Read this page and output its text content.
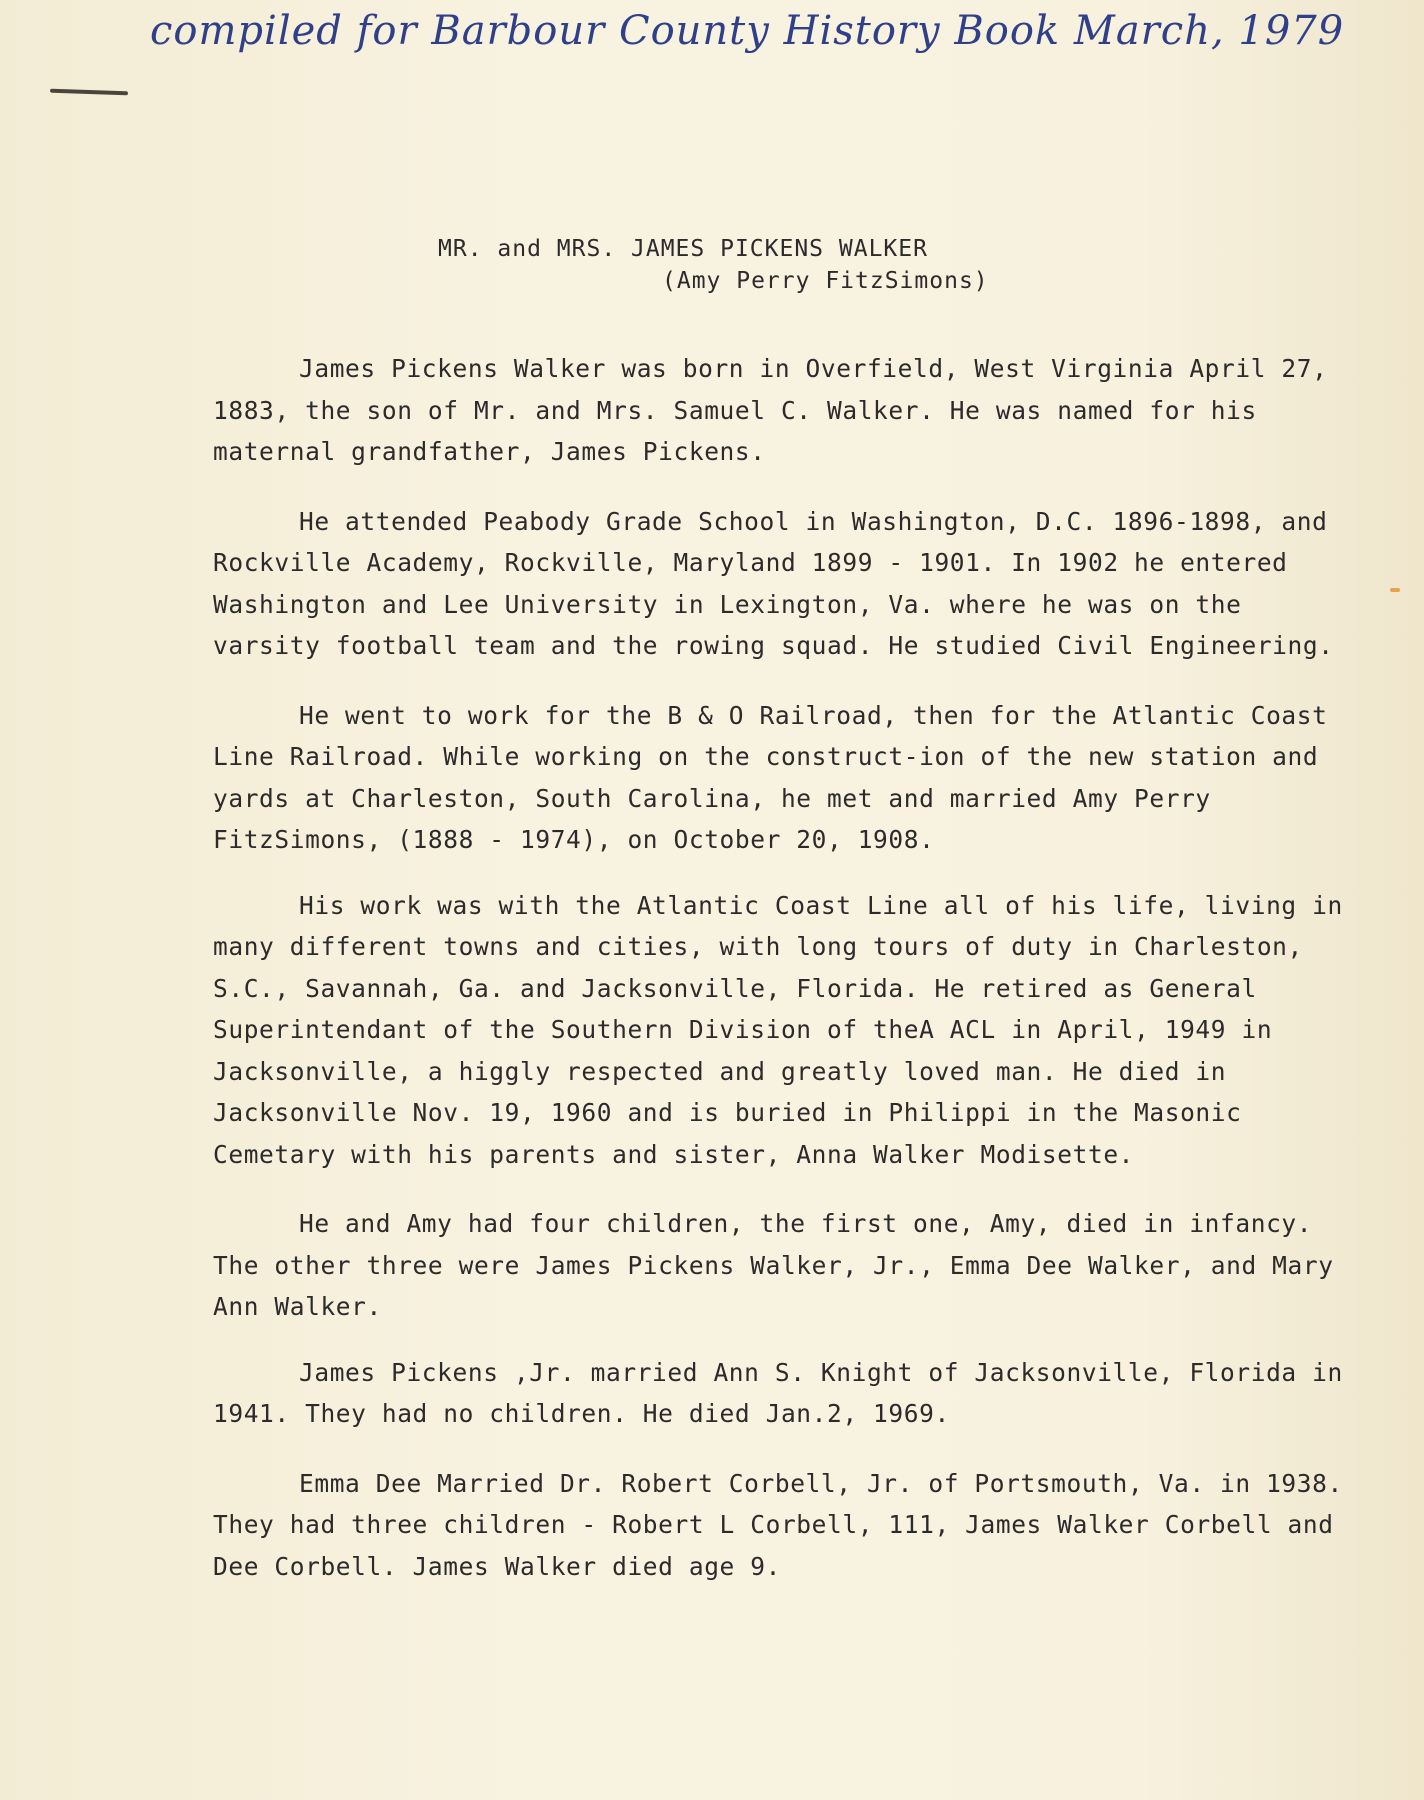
compiled for Barbour County History Book March, 1979
MR. and MRS. JAMES PICKENS WALKER
(Amy Perry FitzSimons)

James Pickens Walker was born in Overfield, West Virginia April 27, 1883, the son of Mr. and Mrs. Samuel C. Walker. He was named for his maternal grandfather, James Pickens.

He attended Peabody Grade School in Washington, D.C. 1896-1898, and Rockville Academy, Rockville, Maryland 1899 - 1901. In 1902 he entered Washington and Lee University in Lexington, Va. where he was on the varsity football team and the rowing squad. He studied Civil Engineering.

He went to work for the B & O Railroad, then for the Atlantic Coast Line Railroad. While working on the construct-ion of the new station and yards at Charleston, South Carolina, he met and married Amy Perry FitzSimons, (1888 - 1974), on October 20, 1908.

His work was with the Atlantic Coast Line all of his life, living in many different towns and cities, with long tours of duty in Charleston, S.C., Savannah, Ga. and Jacksonville, Florida. He retired as General Superintendant of the Southern Division of theA ACL in April, 1949 in Jacksonville, a higgly respected and greatly loved man. He died in Jacksonville Nov. 19, 1960 and is buried in Philippi in the Masonic Cemetary with his parents and sister, Anna Walker Modisette.

He and Amy had four children, the first one, Amy, died in infancy. The other three were James Pickens Walker, Jr., Emma Dee Walker, and Mary Ann Walker.

James Pickens ,Jr. married Ann S. Knight of Jacksonville, Florida in 1941. They had no children. He died Jan.2, 1969.

Emma Dee Married Dr. Robert Corbell, Jr. of Portsmouth, Va. in 1938. They had three children - Robert L Corbell, 111, James Walker Corbell and Dee Corbell. James Walker died age 9.
